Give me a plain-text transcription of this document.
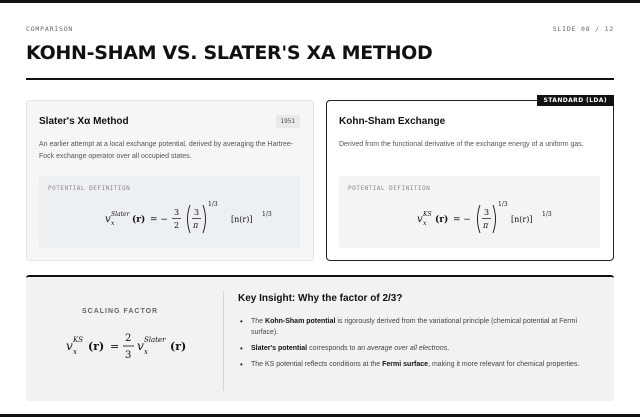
COMPARISON	SLIDE 08 / 12
KOHN-SHAM VS. SLATER'S XA METHOD
Slater's Xα Method	1951

An earlier attempt at a local exchange potential, derived by averaging the Hartree-Fock exchange operator over all occupied states.

POTENTIAL DEFINITION
v x
Slater
(r) = −
3
2
3
π
1/3
[n(r)]
1/3
STANDARD (LDA)
Kohn-Sham Exchange

Derived from the functional derivative of the exchange energy of a uniform gas.

POTENTIAL DEFINITION
v x
KS
(r) = −
3
π
1/3
[n(r)]
1/3
SCALING FACTOR
v x
KS (r) =
2
3
v x
Slater (r)
Key Insight: Why the factor of 2/3?
• The Kohn-Sham potential is rigorously derived from the variational principle (chemical potential at Fermi surface).
• Slater's potential corresponds to an average over all electrons.
• The KS potential reflects conditions at the Fermi surface, making it more relevant for chemical properties.
